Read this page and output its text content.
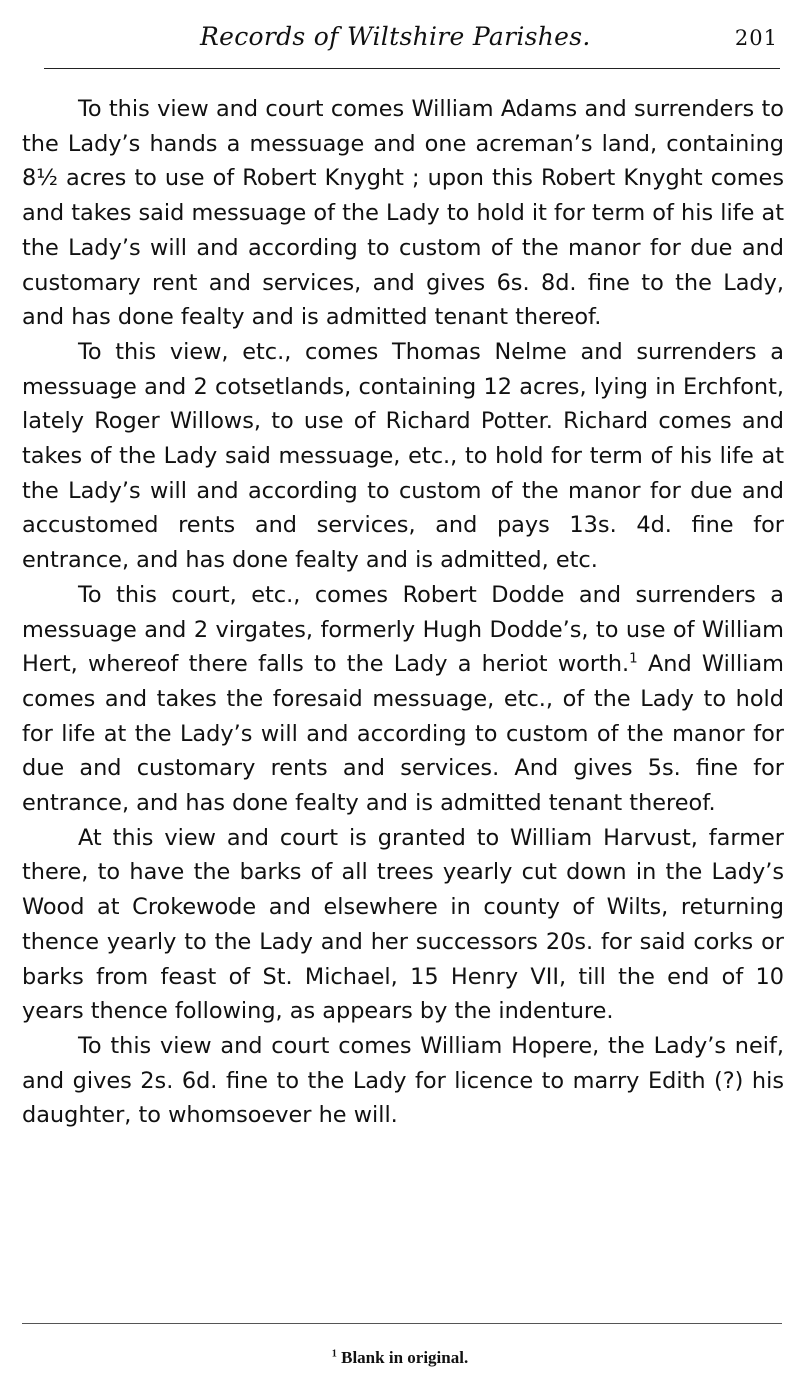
Records of Wiltshire Parishes.	201

To this view and court comes William Adams and surrenders to the Lady’s hands a messuage and one acreman’s land, containing 8½ acres to use of Robert Knyght ; upon this Robert Knyght comes and takes said messuage of the Lady to hold it for term of his life at the Lady’s will and according to custom of the manor for due and customary rent and services, and gives 6s. 8d. fine to the Lady, and has done fealty and is admitted tenant thereof.

To this view, etc., comes Thomas Nelme and surrenders a messuage and 2 cotsetlands, containing 12 acres, lying in Erchfont, lately Roger Willows, to use of Richard Potter. Richard comes and takes of the Lady said messuage, etc., to hold for term of his life at the Lady’s will and according to custom of the manor for due and accustomed rents and services, and pays 13s. 4d. fine for entrance, and has done fealty and is admitted, etc.

To this court, etc., comes Robert Dodde and surrenders a messuage and 2 virgates, formerly Hugh Dodde’s, to use of William Hert, whereof there falls to the Lady a heriot worth.$^1$ And William comes and takes the foresaid messuage, etc., of the Lady to hold for life at the Lady’s will and according to custom of the manor for due and customary rents and services. And gives 5s. fine for entrance, and has done fealty and is admitted tenant thereof.

At this view and court is granted to William Harvust, farmer there, to have the barks of all trees yearly cut down in the Lady’s Wood at Crokewode and elsewhere in county of Wilts, returning thence yearly to the Lady and her successors 20s. for said corks or barks from feast of St. Michael, 15 Henry VII, till the end of 10 years thence following, as appears by the indenture.

To this view and court comes William Hopere, the Lady’s neif, and gives 2s. 6d. fine to the Lady for licence to marry Edith (?) his daughter, to whomsoever he will.

$^1$ Blank in original.
